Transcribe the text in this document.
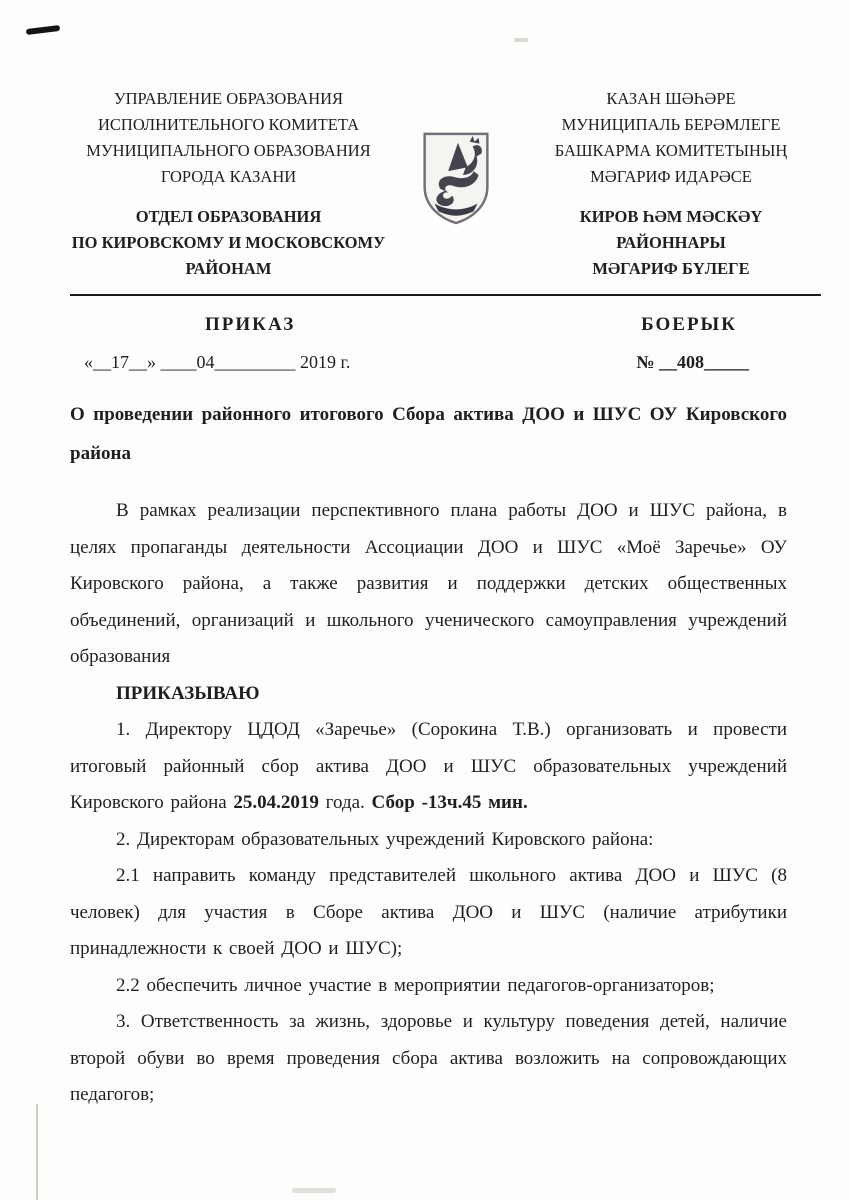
УПРАВЛЕНИЕ ОБРАЗОВАНИЯ
ИСПОЛНИТЕЛЬНОГО КОМИТЕТА
МУНИЦИПАЛЬНОГО ОБРАЗОВАНИЯ
ГОРОДА КАЗАНИ
ОТДЕЛ ОБРАЗОВАНИЯ
ПО КИРОВСКОМУ И МОСКОВСКОМУ
РАЙОНАМ
КАЗАН ШӘҺӘРЕ
МУНИЦИПАЛЬ БЕРӘМЛЕГЕ
БАШКАРМА КОМИТЕТЫНЫҢ
МӘГАРИФ ИДАРӘСЕ
КИРОВ ҺӘМ МӘСКӘҮ
РАЙОННАРЫ
МӘГАРИФ БҮЛЕГЕ
ПРИКАЗ	БОЕРЫК
«__17__» ____04_________ 2019 г.	№ __408_____

О проведении районного итогового Сбора актива ДОО и ШУС ОУ Кировского района

В рамках реализации перспективного плана работы ДОО и ШУС района, в целях пропаганды деятельности Ассоциации ДОО и ШУС «Моё Заречье» ОУ Кировского района, а также развития и поддержки детских общественных объединений, организаций и школьного ученического самоуправления учреждений образования

ПРИКАЗЫВАЮ

1. Директору ЦДОД «Заречье» (Сорокина Т.В.) организовать и провести итоговый районный сбор актива ДОО и ШУС образовательных учреждений Кировского района 25.04.2019 года. Сбор -13ч.45 мин.

2. Директорам образовательных учреждений Кировского района:

2.1 направить команду представителей школьного актива ДОО и ШУС (8 человек) для участия в Сборе актива ДОО и ШУС (наличие атрибутики принадлежности к своей ДОО и ШУС);

2.2 обеспечить личное участие в мероприятии педагогов-организаторов;

3. Ответственность за жизнь, здоровье и культуру поведения детей, наличие второй обуви во время проведения сбора актива возложить на сопровождающих педагогов;
